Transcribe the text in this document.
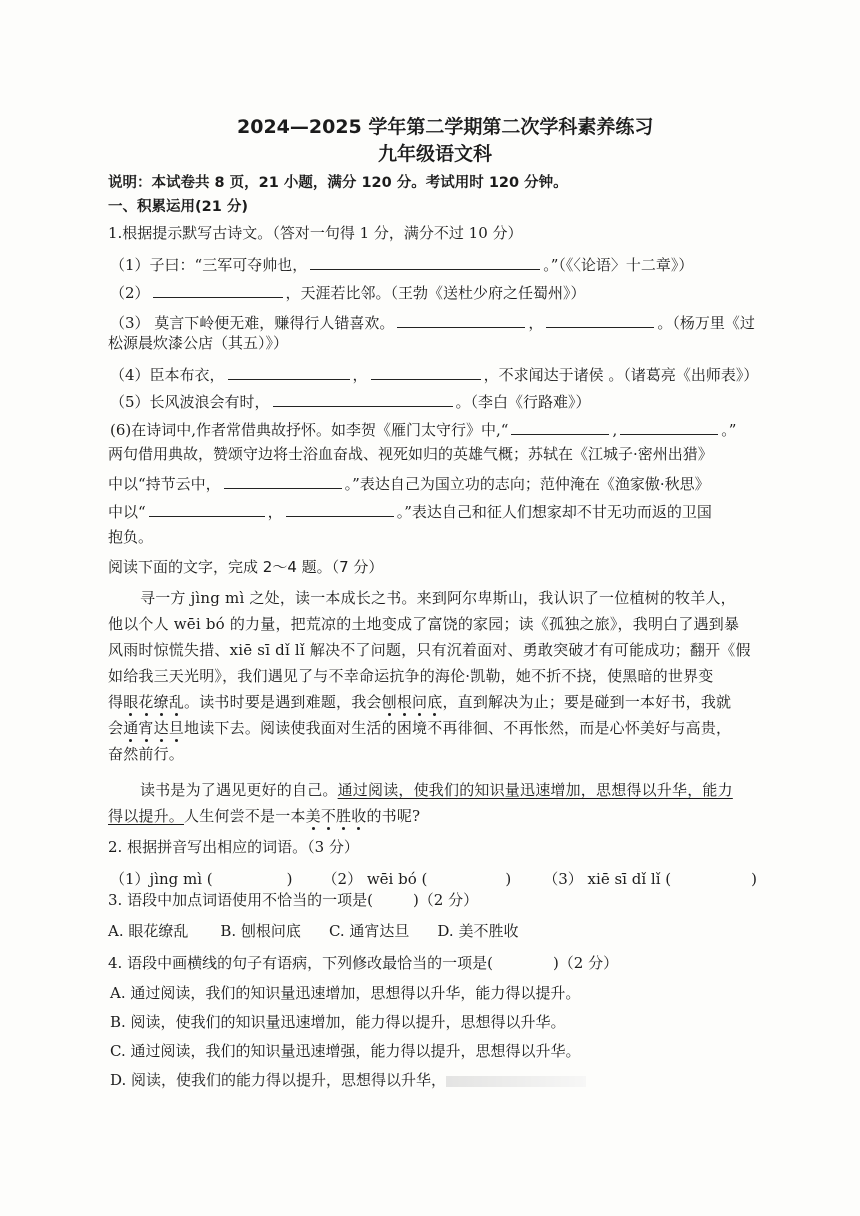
2024—2025 学年第二学期第二次学科素养练习
九年级语文科
说明：本试卷共 8 页，21 小题，满分 120 分。考试用时 120 分钟。
一、积累运用(21 分)
1.根据提示默写古诗文。（答对一句得 1 分，满分不过 10 分）
（1）子曰：“三军可夺帅也，	。”（《〈论语〉十二章》）
（2）	，天涯若比邻。（王勃《送杜少府之任蜀州》）
（3） 莫言下岭便无难，赚得行人错喜欢。	，	。（杨万里《过
松源晨炊漆公店（其五）》）
（4）臣本布衣，	，	，不求闻达于诸侯 。（诸葛亮《出师表》）
（5）长风波浪会有时，	。（李白《行路难》）
(6)在诗词中,作者常借典故抒怀。如李贺《雁门太守行》中,“	,	。”
两句借用典故，赞颂守边将士浴血奋战、视死如归的英雄气概；苏轼在《江城子·密州出猎》
中以“持节云中，	。”表达自己为国立功的志向；范仲淹在《渔家傲·秋思》
中以“	，	。”表达自己和征人们想家却不甘无功而返的卫国
抱负。
阅读下面的文字，完成 2～4 题。（7 分）
寻一方 jìng mì 之处，读一本成长之书。来到阿尔卑斯山，我认识了一位植树的牧羊人，
他以个人 wēi bó 的力量，把荒凉的土地变成了富饶的家园；读《孤独之旅》，我明白了遇到暴
风雨时惊慌失措、xiē sī dǐ lǐ 解决不了问题，只有沉着面对、勇敢突破才有可能成功；翻开《假
如给我三天光明》，我们遇见了与不幸命运抗争的海伦·凯勒，她不折不挠，使黑暗的世界变
得眼花缭乱。读书时要是遇到难题，我会刨根问底，直到解决为止；要是碰到一本好书，我就
会通宵达旦地读下去。阅读使我面对生活的困境不再徘徊、不再怅然，而是心怀美好与高贵，
奋然前行。
读书是为了遇见更好的自己。通过阅读，使我们的知识量迅速增加，思想得以升华，能力
得以提升。人生何尝不是一本美不胜收的书呢?
2. 根据拼音写出相应的词语。（3 分）
（1）jìng mì (	) （2） wēi bó (	) （3） xiē sī dǐ lǐ (	)
3. 语段中加点词语使用不恰当的一项是(	)（2 分）
A. 眼花缭乱 B. 刨根问底 C. 通宵达旦 D. 美不胜收
4. 语段中画横线的句子有语病，下列修改最恰当的一项是(	)（2 分）
A. 通过阅读，我们的知识量迅速增加，思想得以升华，能力得以提升。
B. 阅读，使我们的知识量迅速增加，能力得以提升，思想得以升华。
C. 通过阅读，我们的知识量迅速增强，能力得以提升，思想得以升华。
D. 阅读，使我们的能力得以提升，思想得以升华，
